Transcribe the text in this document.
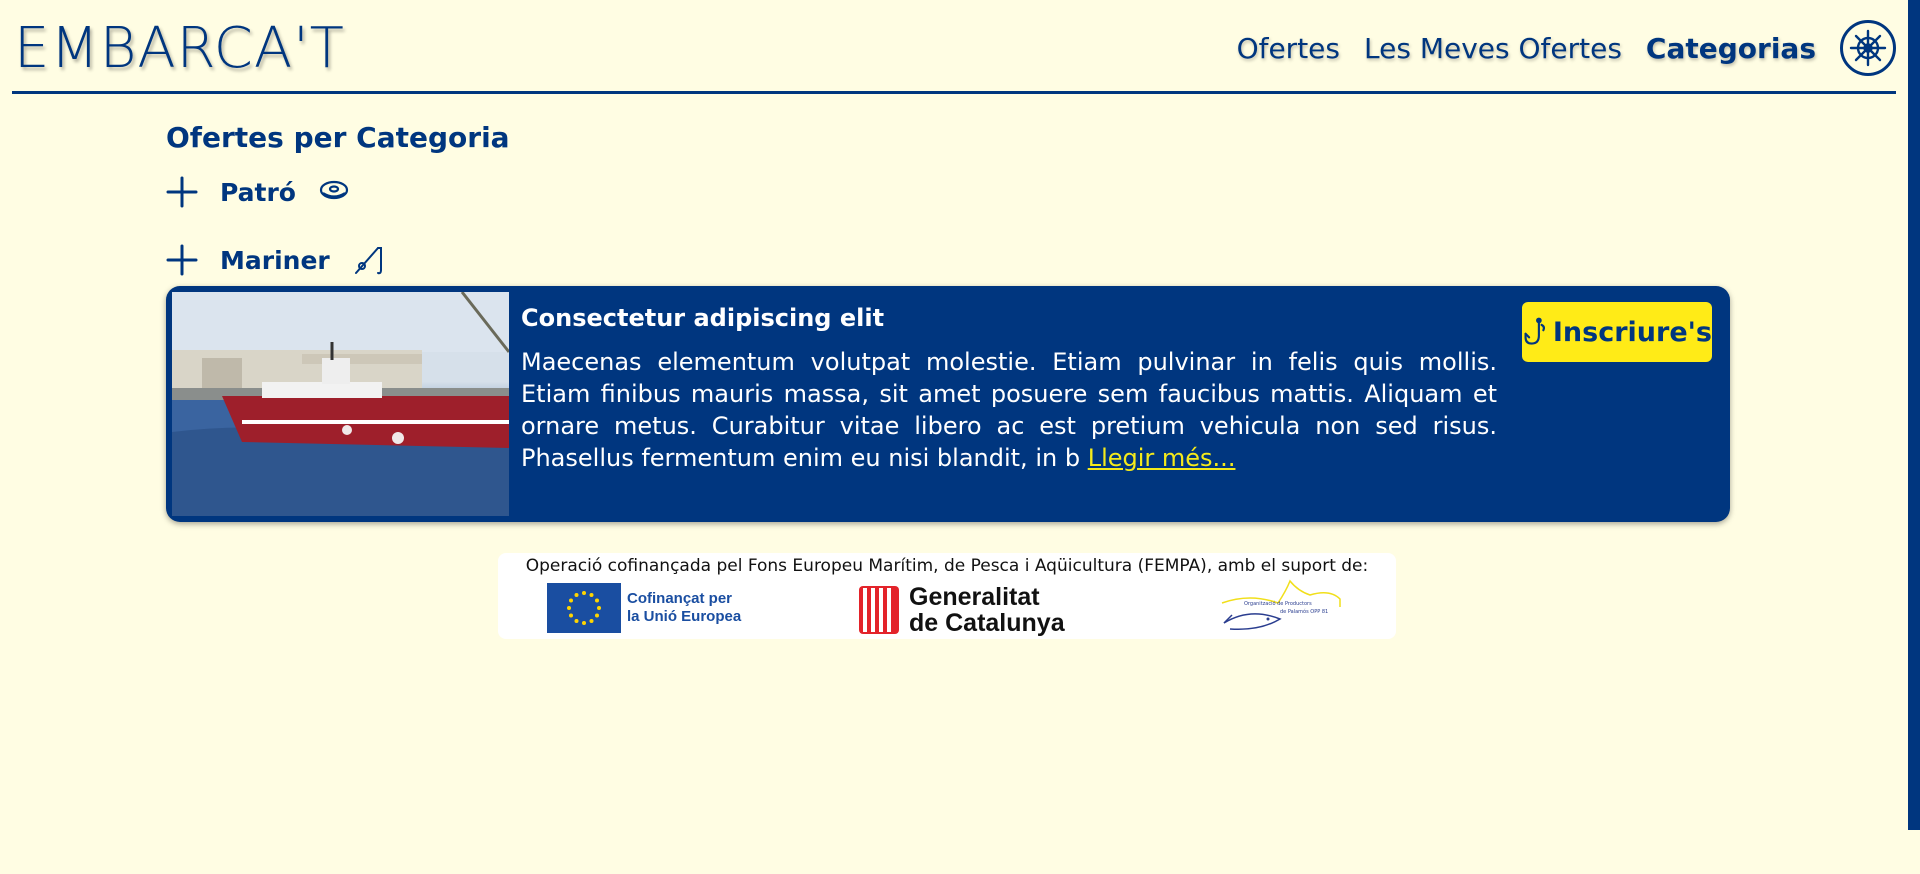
EMBARCA'T	Ofertes Les Meves Ofertes Categorias
Ofertes per Categoria
Patró
Mariner
Consectetur adipiscing elit

Maecenas elementum volutpat molestie. Etiam pulvinar in felis quis mollis. Etiam finibus mauris massa, sit amet posuere sem faucibus mattis. Aliquam et ornare metus. Curabitur vitae libero ac est pretium vehicula non sed risus. Phasellus fermentum enim eu nisi blandit, in b Llegir més...

Inscriure's
Operació cofinançada pel Fons Europeu Marítim, de Pesca i Aqüicultura (FEMPA), amb el suport de:
Cofinançat per
la Unió Europea
Generalitat
de Catalunya
Organització de Productors
de Palamós OPP 81
